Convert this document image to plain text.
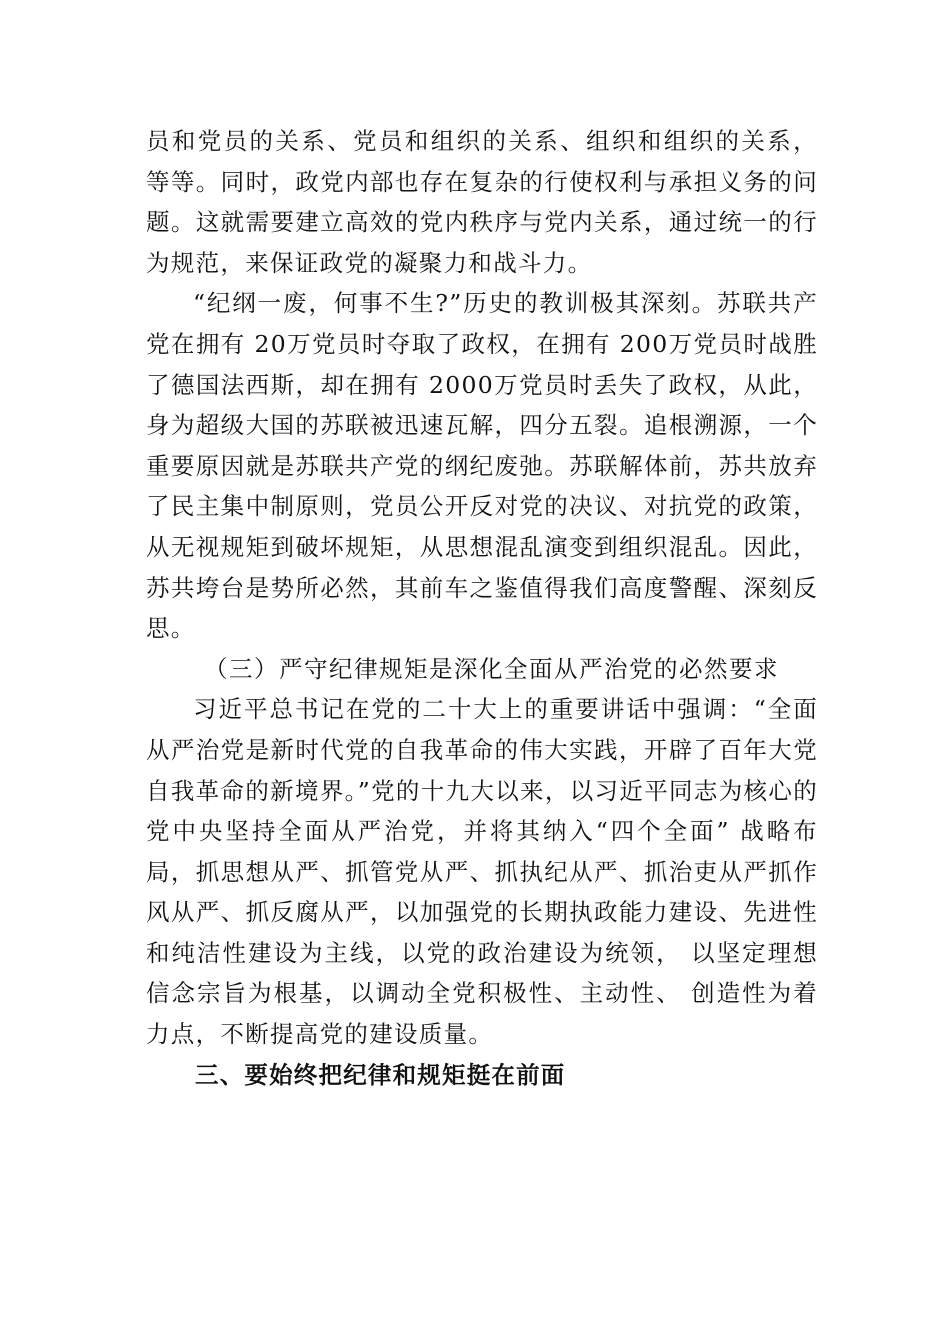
员和党员的关系、党员和组织的关系、组织和组织的关系， 等等。同时，政党内部也存在复杂的行使权利与承担义务的问题。这就需要建立高效的党内秩序与党内关系，通过统一的行为规范，来保证政党的凝聚力和战斗力。

“纪纲一废，何事不生?”历史的教训极其深刻。苏联共产党在拥有 20万党员时夺取了政权，在拥有 200万党员时战胜了德国法西斯，却在拥有 2000万党员时丢失了政权，从此，身为超级大国的苏联被迅速瓦解，四分五裂。追根溯源，一个重要原因就是苏联共产党的纲纪废弛。苏联解体前，苏共放弃了民主集中制原则，党员公开反对党的决议、对抗党的政策，从无视规矩到破坏规矩，从思想混乱演变到组织混乱。因此，苏共垮台是势所必然，其前车之鉴值得我们高度警醒、深刻反思。

（三）严守纪律规矩是深化全面从严治党的必然要求

习近平总书记在党的二十大上的重要讲话中强调：“全面从严治党是新时代党的自我革命的伟大实践，开辟了百年大党自我革命的新境界。”党的十九大以来，以习近平同志为核心的党中央坚持全面从严治党，并将其纳入“四个全面” 战略布局，抓思想从严、抓管党从严、抓执纪从严、抓治吏从严抓作风从严、抓反腐从严，以加强党的长期执政能力建设、先进性和纯洁性建设为主线，以党的政治建设为统领， 以坚定理想信念宗旨为根基，以调动全党积极性、主动性、 创造性为着力点，不断提高党的建设质量。

三、要始终把纪律和规矩挺在前面
